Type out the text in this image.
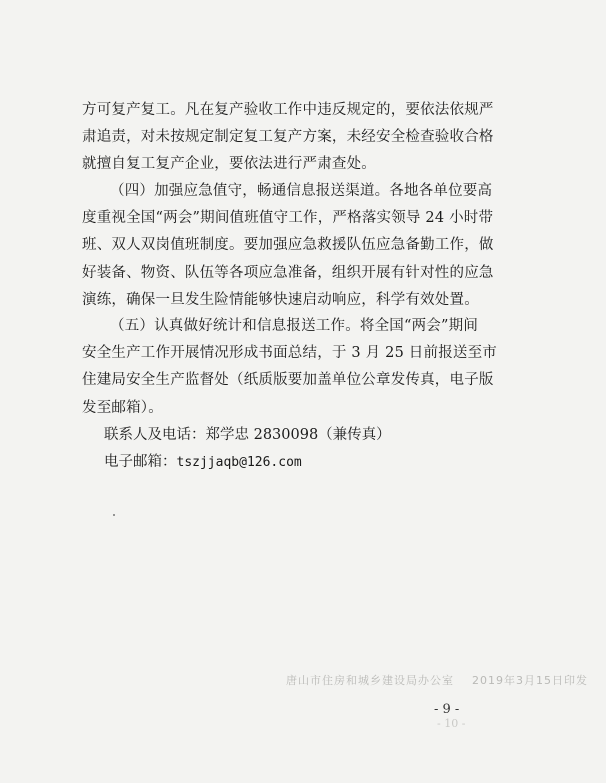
方可复产复工。凡在复产验收工作中违反规定的，要依法依规严
肃追责，对未按规定制定复工复产方案，未经安全检查验收合格
就擅自复工复产企业，要依法进行严肃查处。
（四）加强应急值守，畅通信息报送渠道。各地各单位要高
度重视全国“两会”期间值班值守工作，严格落实领导 24 小时带
班、双人双岗值班制度。要加强应急救援队伍应急备勤工作，做
好装备、物资、队伍等各项应急准备，组织开展有针对性的应急
演练，确保一旦发生险情能够快速启动响应，科学有效处置。
（五）认真做好统计和信息报送工作。将全国“两会”期间
安全生产工作开展情况形成书面总结，于 3 月 25 日前报送至市
住建局安全生产监督处（纸质版要加盖单位公章发传真，电子版
发至邮箱）。
联系人及电话：郑学忠 2830098（兼传真）
电子邮箱：tszjjaqb@126.com
唐山市住房和城乡建设局办公室 2019年3月15日印发
- 9 -
- 10 -
